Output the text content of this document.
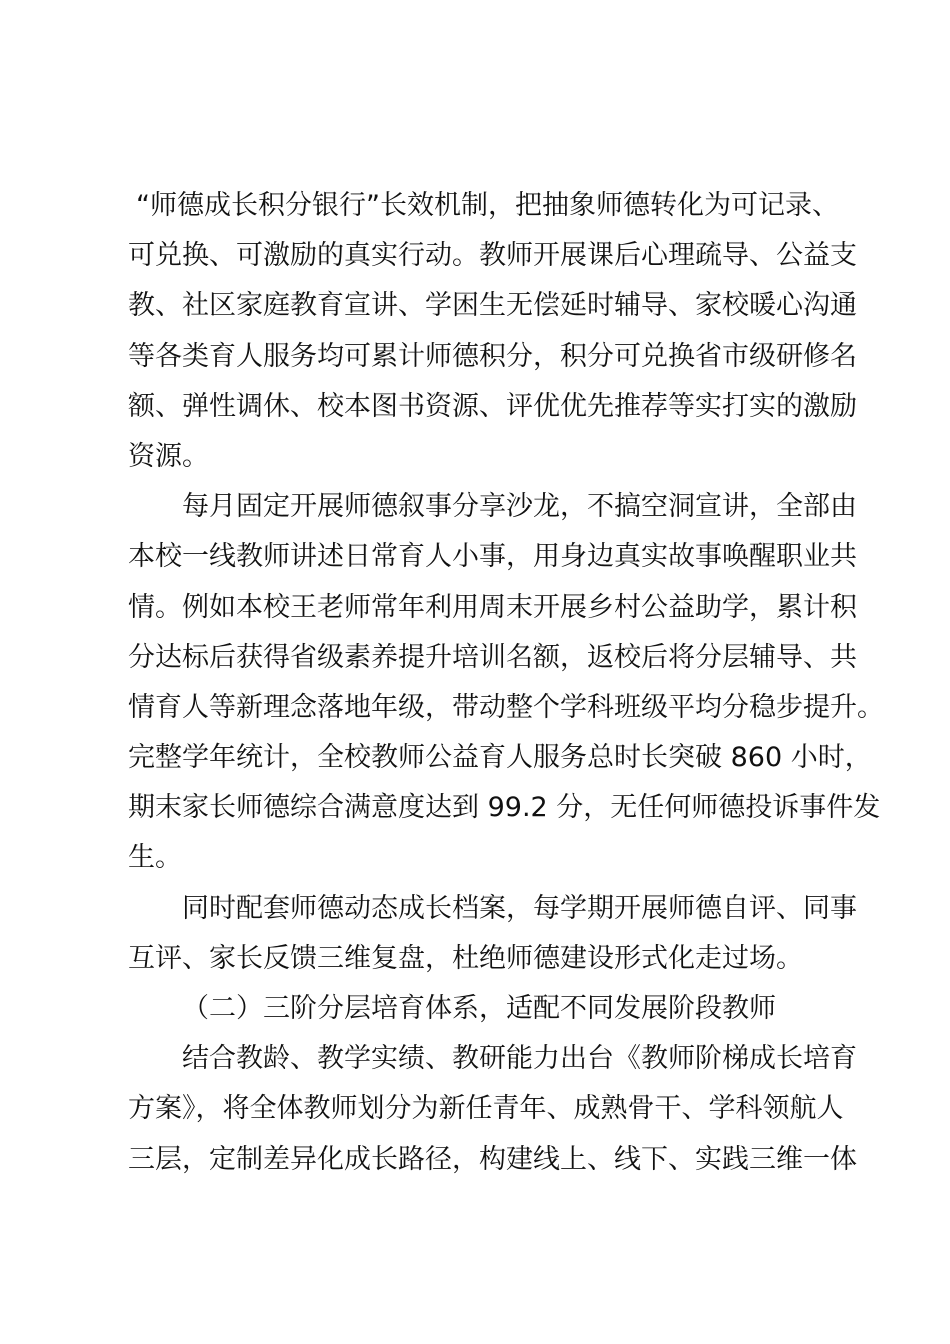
“师德成长积分银行”长效机制，把抽象师德转化为可记录、
可兑换、可激励的真实行动。教师开展课后心理疏导、公益支
教、社区家庭教育宣讲、学困生无偿延时辅导、家校暖心沟通
等各类育人服务均可累计师德积分，积分可兑换省市级研修名
额、弹性调休、校本图书资源、评优优先推荐等实打实的激励
资源。
每月固定开展师德叙事分享沙龙，不搞空洞宣讲，全部由
本校一线教师讲述日常育人小事，用身边真实故事唤醒职业共
情。例如本校王老师常年利用周末开展乡村公益助学，累计积
分达标后获得省级素养提升培训名额，返校后将分层辅导、共
情育人等新理念落地年级，带动整个学科班级平均分稳步提升。
完整学年统计，全校教师公益育人服务总时长突破 860 小时，
期末家长师德综合满意度达到 99.2 分，无任何师德投诉事件发
生。
同时配套师德动态成长档案，每学期开展师德自评、同事
互评、家长反馈三维复盘，杜绝师德建设形式化走过场。
（二）三阶分层培育体系，适配不同发展阶段教师
结合教龄、教学实绩、教研能力出台《教师阶梯成长培育
方案》，将全体教师划分为新任青年、成熟骨干、学科领航人
三层，定制差异化成长路径，构建线上、线下、实践三维一体
